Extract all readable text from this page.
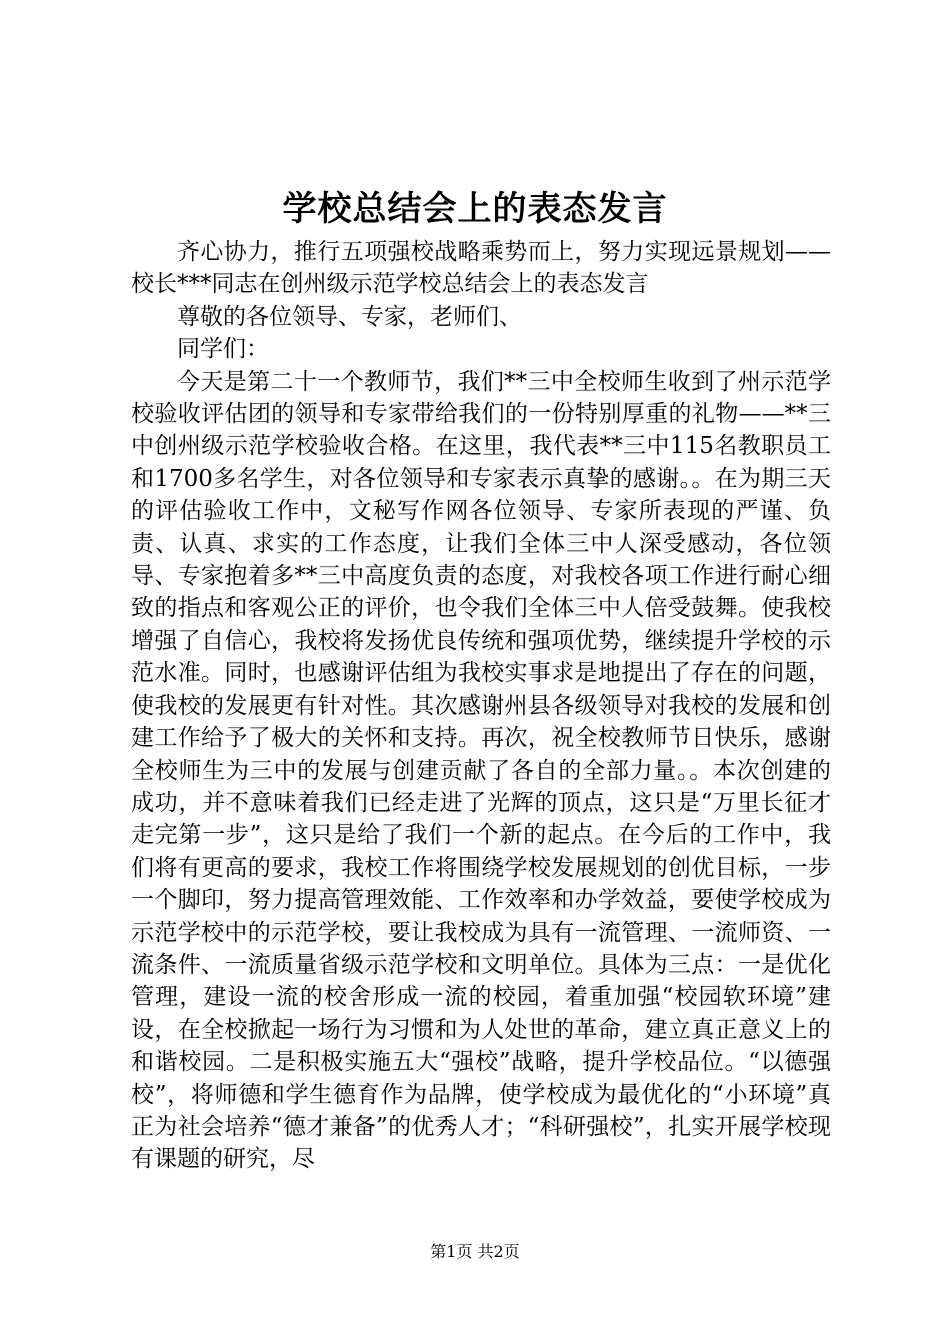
学校总结会上的表态发言

齐心协力，推行五项强校战略乘势而上，努力实现远景规划——校长***同志在创州级示范学校总结会上的表态发言

尊敬的各位领导、专家，老师们、

同学们：

今天是第二十一个教师节，我们**三中全校师生收到了州示范学校验收评估团的领导和专家带给我们的一份特别厚重的礼物——**三中创州级示范学校验收合格。在这里，我代表**三中115名教职员工和1700多名学生，对各位领导和专家表示真挚的感谢。。在为期三天的评估验收工作中，文秘写作网各位领导、专家所表现的严谨、负责、认真、求实的工作态度，让我们全体三中人深受感动，各位领导、专家抱着多**三中高度负责的态度，对我校各项工作进行耐心细致的指点和客观公正的评价，也令我们全体三中人倍受鼓舞。使我校增强了自信心，我校将发扬优良传统和强项优势，继续提升学校的示范水准。同时，也感谢评估组为我校实事求是地提出了存在的问题，使我校的发展更有针对性。其次感谢州县各级领导对我校的发展和创建工作给予了极大的关怀和支持。再次，祝全校教师节日快乐，感谢全校师生为三中的发展与创建贡献了各自的全部力量。。本次创建的成功，并不意味着我们已经走进了光辉的顶点，这只是“万里长征才走完第一步”，这只是给了我们一个新的起点。在今后的工作中，我们将有更高的要求，我校工作将围绕学校发展规划的创优目标，一步一个脚印，努力提高管理效能、工作效率和办学效益，要使学校成为示范学校中的示范学校，要让我校成为具有一流管理、一流师资、一流条件、一流质量省级示范学校和文明单位。具体为三点：一是优化管理，建设一流的校舍形成一流的校园，着重加强“校园软环境”建设，在全校掀起一场行为习惯和为人处世的革命，建立真正意义上的和谐校园。二是积极实施五大“强校”战略，提升学校品位。“以德强校”，将师德和学生德育作为品牌，使学校成为最优化的“小环境”真正为社会培养“德才兼备”的优秀人才；“科研强校”，扎实开展学校现有课题的研究，尽

第1页 共2页
